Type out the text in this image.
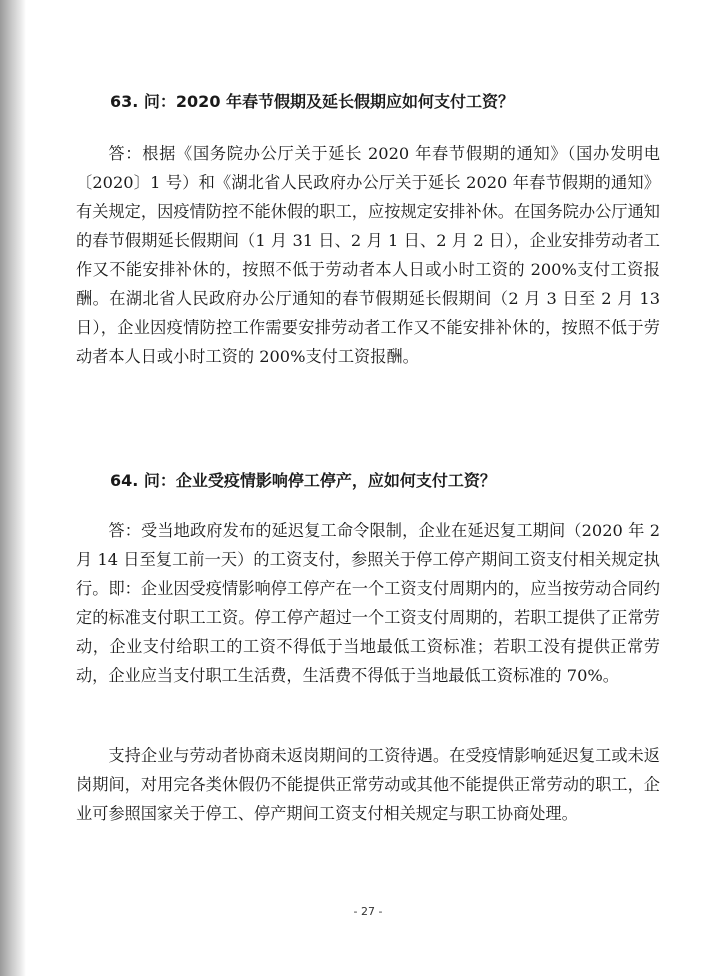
63. 问：2020 年春节假期及延长假期应如何支付工资？

答：根据《国务院办公厅关于延长 2020 年春节假期的通知》（国办发明电〔2020〕1 号）和《湖北省人民政府办公厅关于延长 2020 年春节假期的通知》有关规定，因疫情防控不能休假的职工，应按规定安排补休。在国务院办公厅通知的春节假期延长假期间（1 月 31 日、2 月 1 日、2 月 2 日），企业安排劳动者工作又不能安排补休的，按照不低于劳动者本人日或小时工资的 200%支付工资报酬。在湖北省人民政府办公厅通知的春节假期延长假期间（2 月 3 日至 2 月 13 日），企业因疫情防控工作需要安排劳动者工作又不能安排补休的，按照不低于劳动者本人日或小时工资的 200%支付工资报酬。

64. 问：企业受疫情影响停工停产，应如何支付工资？

答：受当地政府发布的延迟复工命令限制，企业在延迟复工期间（2020 年 2 月 14 日至复工前一天）的工资支付，参照关于停工停产期间工资支付相关规定执行。即：企业因受疫情影响停工停产在一个工资支付周期内的，应当按劳动合同约定的标准支付职工工资。停工停产超过一个工资支付周期的，若职工提供了正常劳动，企业支付给职工的工资不得低于当地最低工资标准；若职工没有提供正常劳动，企业应当支付职工生活费，生活费不得低于当地最低工资标准的 70%。

支持企业与劳动者协商未返岗期间的工资待遇。在受疫情影响延迟复工或未返岗期间，对用完各类休假仍不能提供正常劳动或其他不能提供正常劳动的职工，企业可参照国家关于停工、停产期间工资支付相关规定与职工协商处理。

- 27 -
